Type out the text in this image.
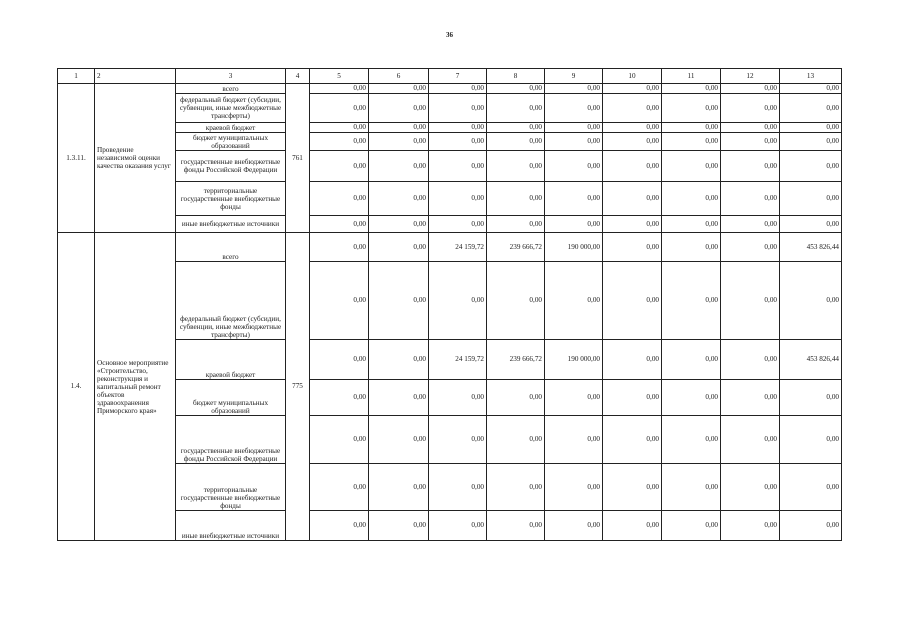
36
1	2	3	4	5	6	7	8	9	10	11	12	13
1.3.11.	Проведение независимой оценки качества оказания услуг	всего	761	0,00	0,00	0,00	0,00	0,00	0,00	0,00	0,00	0,00
		федеральный бюджет (субсидии, субвенции, иные межбюджетные трансферты)		0,00	0,00	0,00	0,00	0,00	0,00	0,00	0,00	0,00
		краевой бюджет		0,00	0,00	0,00	0,00	0,00	0,00	0,00	0,00	0,00
		бюджет муниципальных образований		0,00	0,00	0,00	0,00	0,00	0,00	0,00	0,00	0,00
		государственные внебюджетные фонды Российской Федерации		0,00	0,00	0,00	0,00	0,00	0,00	0,00	0,00	0,00
		территориальные государственные внебюджетные фонды		0,00	0,00	0,00	0,00	0,00	0,00	0,00	0,00	0,00
		иные внебюджетные источники		0,00	0,00	0,00	0,00	0,00	0,00	0,00	0,00	0,00
1.4.	Основное мероприятие «Строительство, реконструкция и капитальный ремонт объектов здравоохранения Приморского края»	всего	775	0,00	0,00	24 159,72	239 666,72	190 000,00	0,00	0,00	0,00	453 826,44
		федеральный бюджет (субсидии, субвенции, иные межбюджетные трансферты)		0,00	0,00	0,00	0,00	0,00	0,00	0,00	0,00	0,00
		краевой бюджет		0,00	0,00	24 159,72	239 666,72	190 000,00	0,00	0,00	0,00	453 826,44
		бюджет муниципальных образований		0,00	0,00	0,00	0,00	0,00	0,00	0,00	0,00	0,00
		государственные внебюджетные фонды Российской Федерации		0,00	0,00	0,00	0,00	0,00	0,00	0,00	0,00	0,00
		территориальные государственные внебюджетные фонды		0,00	0,00	0,00	0,00	0,00	0,00	0,00	0,00	0,00
		иные внебюджетные источники		0,00	0,00	0,00	0,00	0,00	0,00	0,00	0,00	0,00
